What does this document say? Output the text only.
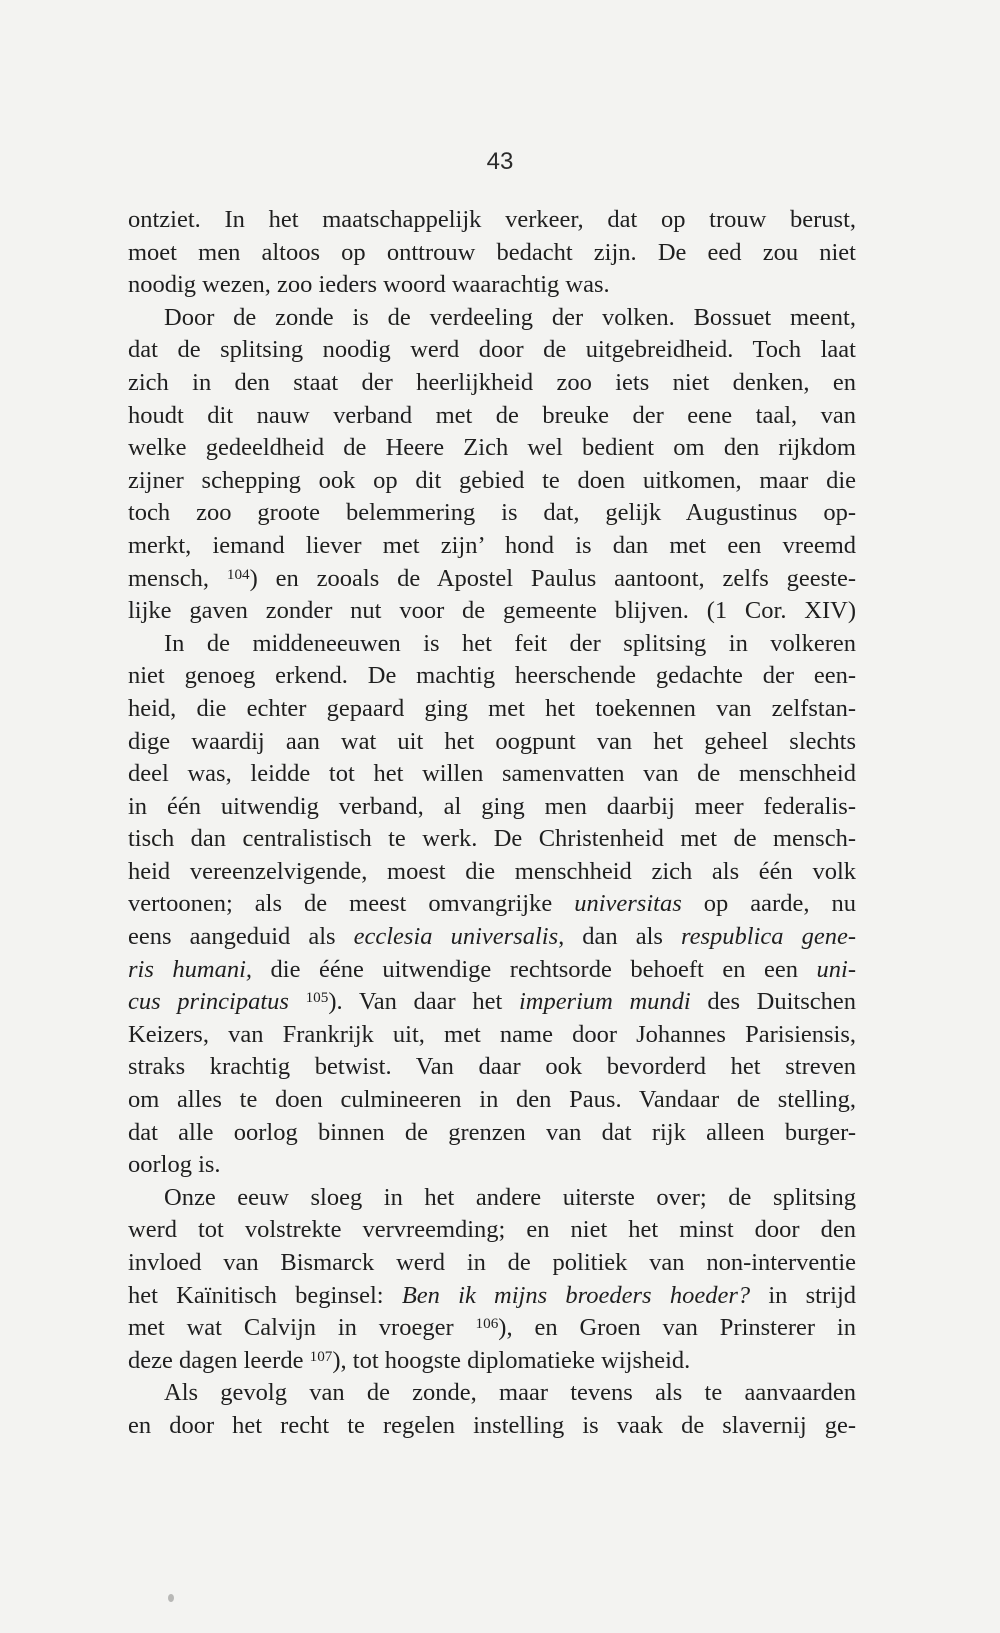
43
ontziet. In het maatschappelijk verkeer, dat op trouw berust,
moet men altoos op onttrouw bedacht zijn. De eed zou niet
noodig wezen, zoo ieders woord waarachtig was.
Door de zonde is de verdeeling der volken. Bossuet meent,
dat de splitsing noodig werd door de uitgebreidheid. Toch laat
zich in den staat der heerlijkheid zoo iets niet denken, en
houdt dit nauw verband met de breuke der eene taal, van
welke gedeeldheid de Heere Zich wel bedient om den rijkdom
zijner schepping ook op dit gebied te doen uitkomen, maar die
toch zoo groote belemmering is dat, gelijk Augustinus op-
merkt, iemand liever met zijn’ hond is dan met een vreemd
mensch, $^{104}$) en zooals de Apostel Paulus aantoont, zelfs geeste-
lijke gaven zonder nut voor de gemeente blijven. (1 Cor. XIV)
In de middeneeuwen is het feit der splitsing in volkeren
niet genoeg erkend. De machtig heerschende gedachte der een-
heid, die echter gepaard ging met het toekennen van zelfstan-
dige waardij aan wat uit het oogpunt van het geheel slechts
deel was, leidde tot het willen samenvatten van de menschheid
in één uitwendig verband, al ging men daarbij meer federalis-
tisch dan centralistisch te werk. De Christenheid met de mensch-
heid vereenzelvigende, moest die menschheid zich als één volk
vertoonen; als de meest omvangrijke universitas op aarde, nu
eens aangeduid als ecclesia universalis, dan als respublica gene-
ris humani, die ééne uitwendige rechtsorde behoeft en een uni-
cus principatus $^{105}$). Van daar het imperium mundi des Duitschen
Keizers, van Frankrijk uit, met name door Johannes Parisiensis,
straks krachtig betwist. Van daar ook bevorderd het streven
om alles te doen culmineeren in den Paus. Vandaar de stelling,
dat alle oorlog binnen de grenzen van dat rijk alleen burger-
oorlog is.
Onze eeuw sloeg in het andere uiterste over; de splitsing
werd tot volstrekte vervreemding; en niet het minst door den
invloed van Bismarck werd in de politiek van non-interventie
het Kaïnitisch beginsel: Ben ik mijns broeders hoeder? in strijd
met wat Calvijn in vroeger $^{106}$), en Groen van Prinsterer in
deze dagen leerde $^{107}$), tot hoogste diplomatieke wijsheid.
Als gevolg van de zonde, maar tevens als te aanvaarden
en door het recht te regelen instelling is vaak de slavernij ge-
